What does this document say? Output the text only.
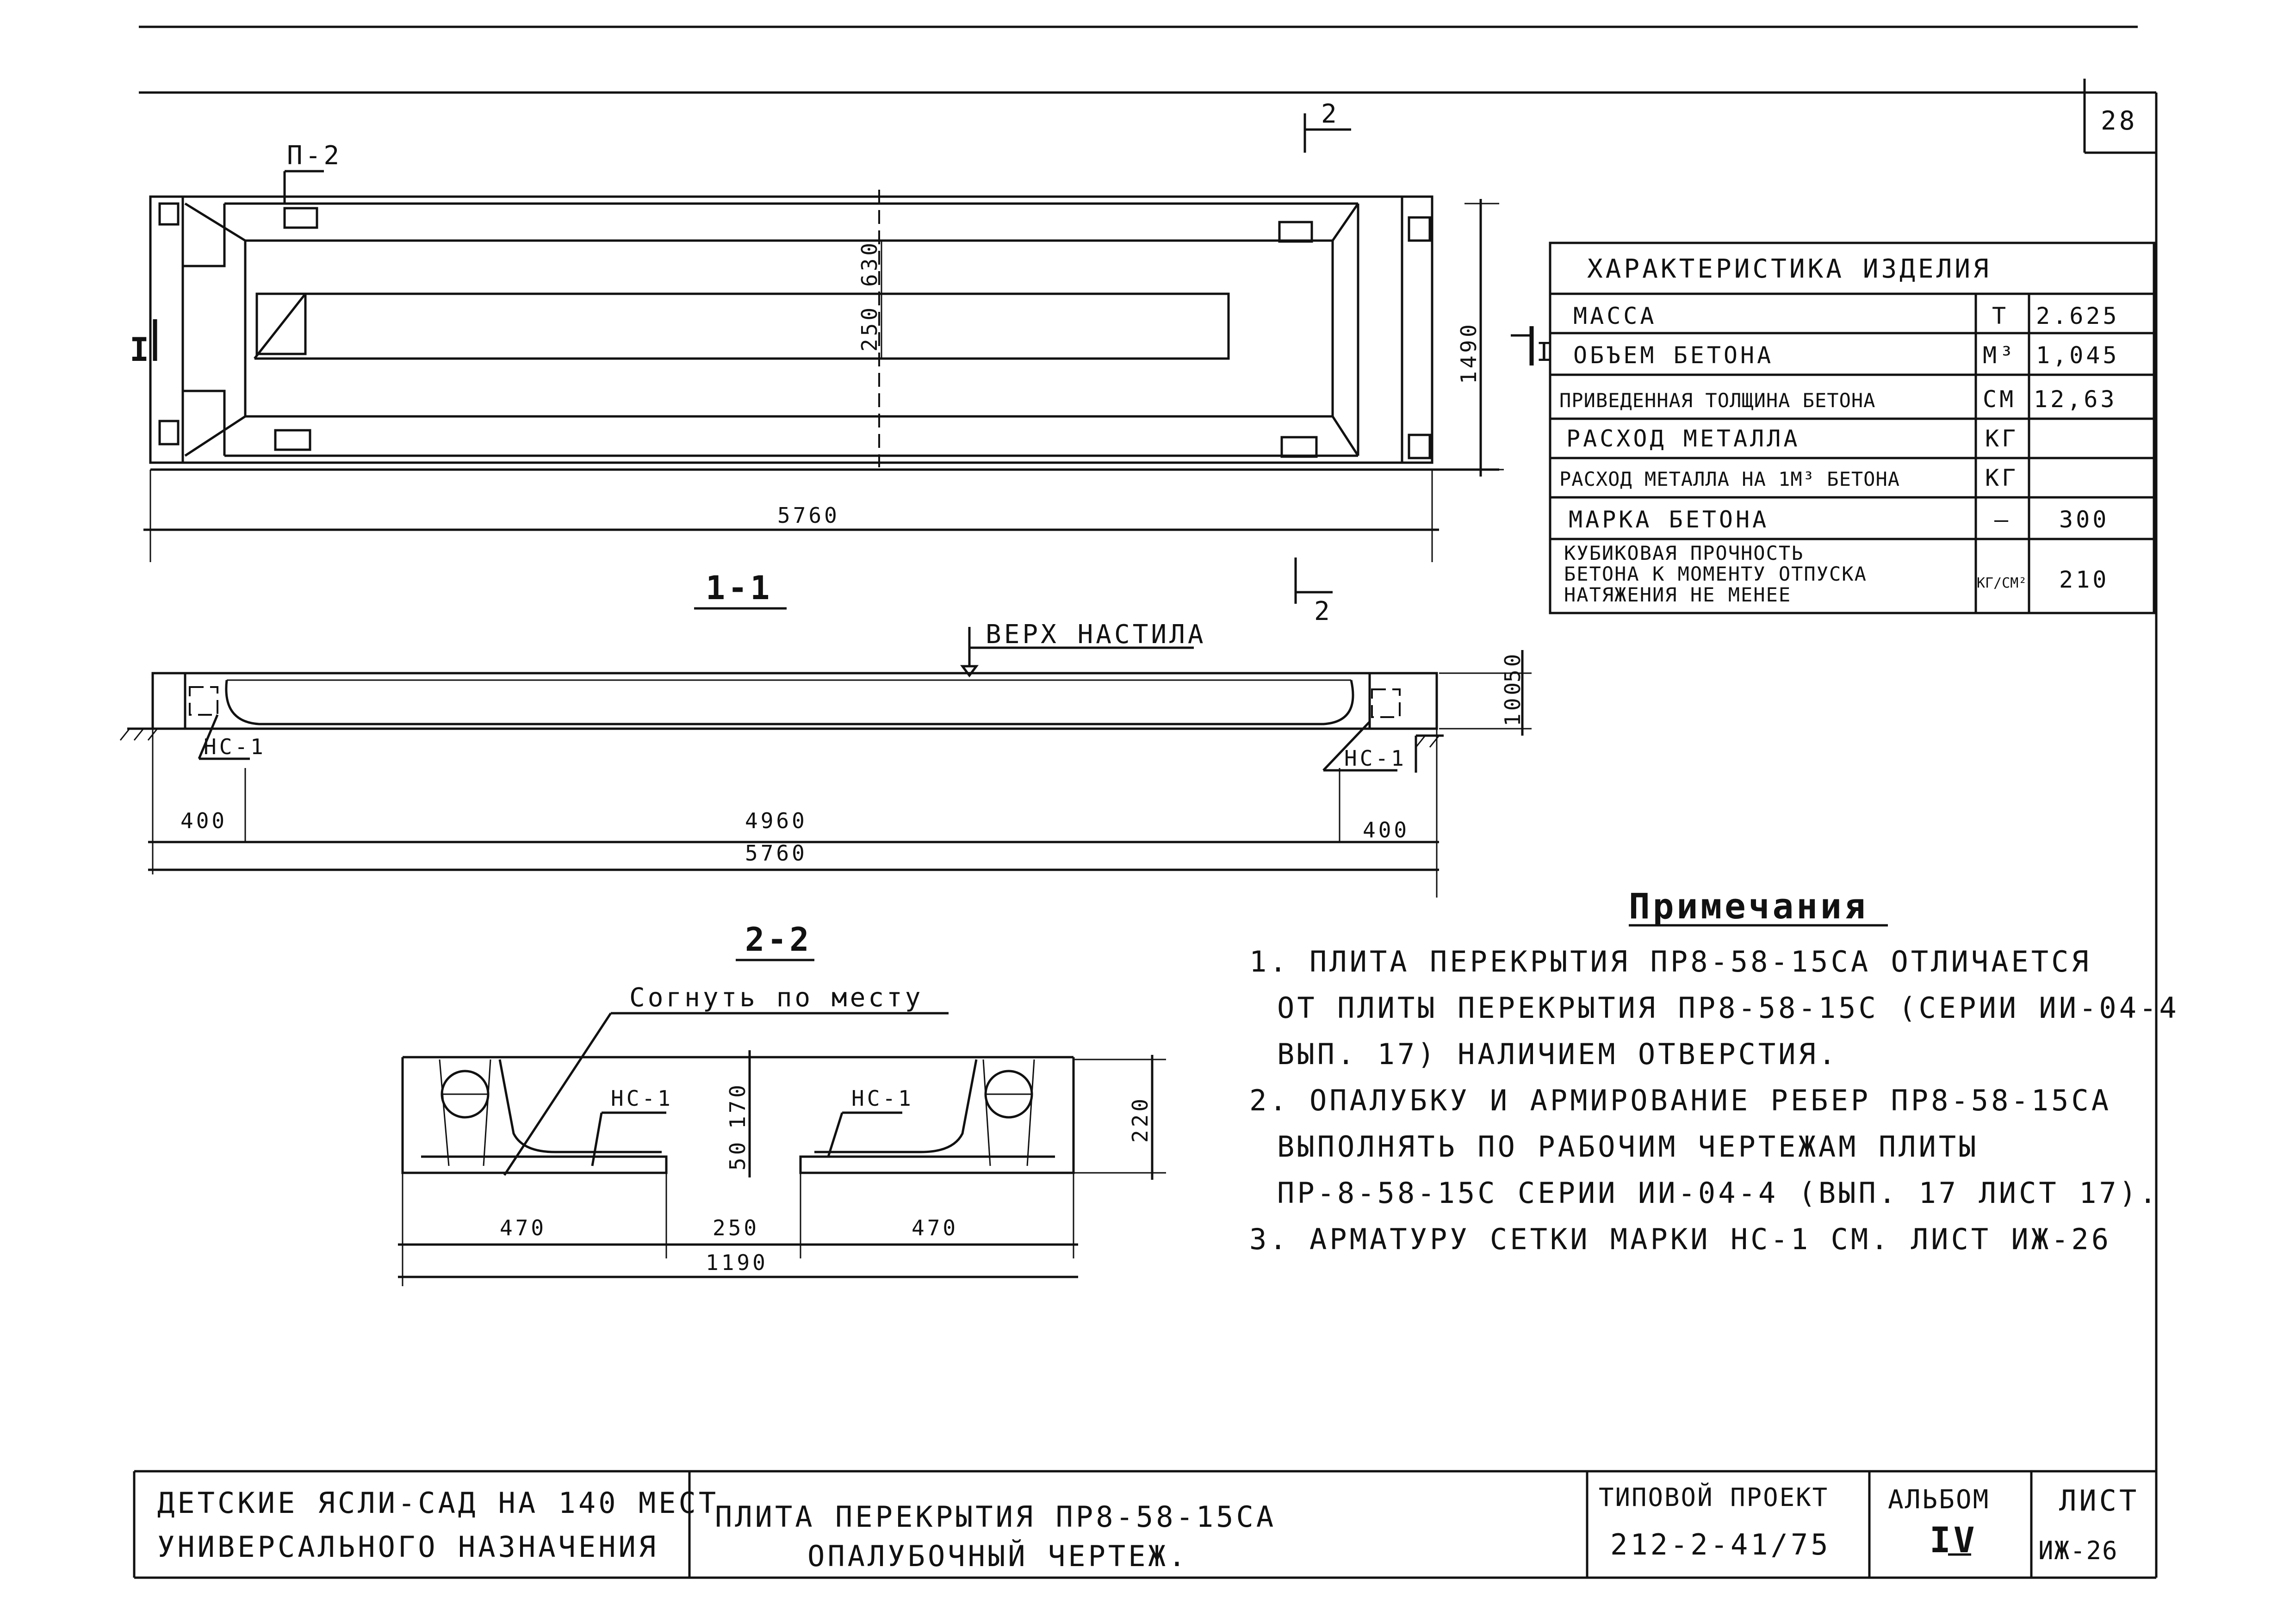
28
П-2
I	I
2
2
5760
1490
630
250
1-1
ВЕРХ НАСТИЛА
НС-1	НС-1
400	4960	400
5760
50
100
2-2
Согнуть по месту
НС-1	НС-1
470	250	470
1190
170
50
220
ХАРАКТЕРИСТИКА ИЗДЕЛИЯ
МАССА	Т 2.625
ОБЪЕМ БЕТОНА	М³ 1,045
ПРИВЕДЕННАЯ ТОЛЩИНА БЕТОНА	СМ 12,63
РАСХОД МЕТАЛЛА	КГ
РАСХОД МЕТАЛЛА НА 1М³ БЕТОНА	КГ
МАРКА БЕТОНА	– 300
КУБИКОВАЯ ПРОЧНОСТЬ
БЕТОНА К МОМЕНТУ ОТПУСКА
НАТЯЖЕНИЯ НЕ МЕНЕЕ
КГ/СМ² 210
Примечания
1. ПЛИТА ПЕРЕКРЫТИЯ ПР8-58-15СА ОТЛИЧАЕТСЯ
ОТ ПЛИТЫ ПЕРЕКРЫТИЯ ПР8-58-15С (СЕРИИ ИИ-04-4
ВЫП. 17) НАЛИЧИЕМ ОТВЕРСТИЯ.
2. ОПАЛУБКУ И АРМИРОВАНИЕ РЕБЕР ПР8-58-15СА
ВЫПОЛНЯТЬ ПО РАБОЧИМ ЧЕРТЕЖАМ ПЛИТЫ
ПР-8-58-15С СЕРИИ ИИ-04-4 (ВЫП. 17 ЛИСТ 17).
3. АРМАТУРУ СЕТКИ МАРКИ НС-1 СМ. ЛИСТ ИЖ-26
ДЕТСКИЕ ЯСЛИ-САД НА 140 МЕСТ
УНИВЕРСАЛЬНОГО НАЗНАЧЕНИЯ
ПЛИТА ПЕРЕКРЫТИЯ ПР8-58-15СА
ОПАЛУБОЧНЫЙ ЧЕРТЕЖ.
ТИПОВОЙ ПРОЕКТ
212-2-41/75
АЛЬБОМ
IV
ЛИСТ
ИЖ-26
